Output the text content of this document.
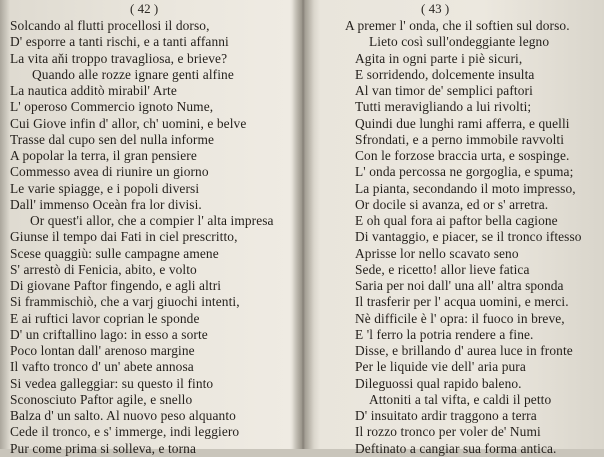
( 42 )
Solcando al flutti procellosi il dorso,
D' esporre a tanti rischi, e a tanti affanni
La vita aňi troppo travagliosa, e brieve?
Quando alle rozze ignare genti alfine
La nautica additò mirabil' Arte
L' operoso Commercio ignoto Nume,
Cui Giove infin d' allor, ch' uomini, e belve
Trasse dal cupo sen del nulla informe
A popolar la terra, il gran pensiere
Commesso avea di riunire un giorno
Le varie spiagge, e i popoli diversi
Dall' immenso Oceàn fra lor divisi.
Or quest'i allor, che a compier l' alta impresa
Giunse il tempo dai Fati in ciel prescritto,
Scese quaggiù: sulle campagne amene
S' arrestò di Fenicia, abito, e volto
Di giovane Paftor fingendo, e agli altri
Si frammischiò, che a varj giuochi intenti,
E ai ruftici lavor coprian le sponde
D' un criftallino lago: in esso a sorte
Poco lontan dall' arenoso margine
Il vafto tronco d' un' abete annosa
Si vedea galleggiar: su questo il finto
Sconosciuto Paftor agile, e snello
Balza d' un salto. Al nuovo peso alquanto
Cede il tronco, e s' immerge, indi leggiero
Pur come prima si solleva, e torna
( 43 )
A premer l' onda, che il softien sul dorso.
Lieto così sull'ondeggiante legno
Agita in ogni parte i piè sicuri,
E sorridendo, dolcemente insulta
Al van timor de' semplici paftori
Tutti meravigliando a lui rivolti;
Quindi due lunghi rami afferra, e quelli
Sfrondati, e a perno immobile ravvolti
Con le forzose braccia urta, e sospinge.
L' onda percossa ne gorgoglia, e spuma;
La pianta, secondando il moto impresso,
Or docile si avanza, ed or s' arretra.
E oh qual fora ai paftor bella cagione
Di vantaggio, e piacer, se il tronco iftesso
Aprisse lor nello scavato seno
Sede, e ricetto! allor lieve fatica
Saria per noi dall' una all' altra sponda
Il trasferir per l' acqua uomini, e merci.
Nè difficile è l' opra: il fuoco in breve,
E 'l ferro la potria rendere a fine.
Disse, e brillando d' aurea luce in fronte
Per le liquide vie dell' aria pura
Dileguossi qual rapido baleno.
Attoniti a tal vifta, e caldi il petto
D' insuitato ardir traggono a terra
Il rozzo tronco per voler de' Numi
Deftinato a cangiar sua forma antica.
